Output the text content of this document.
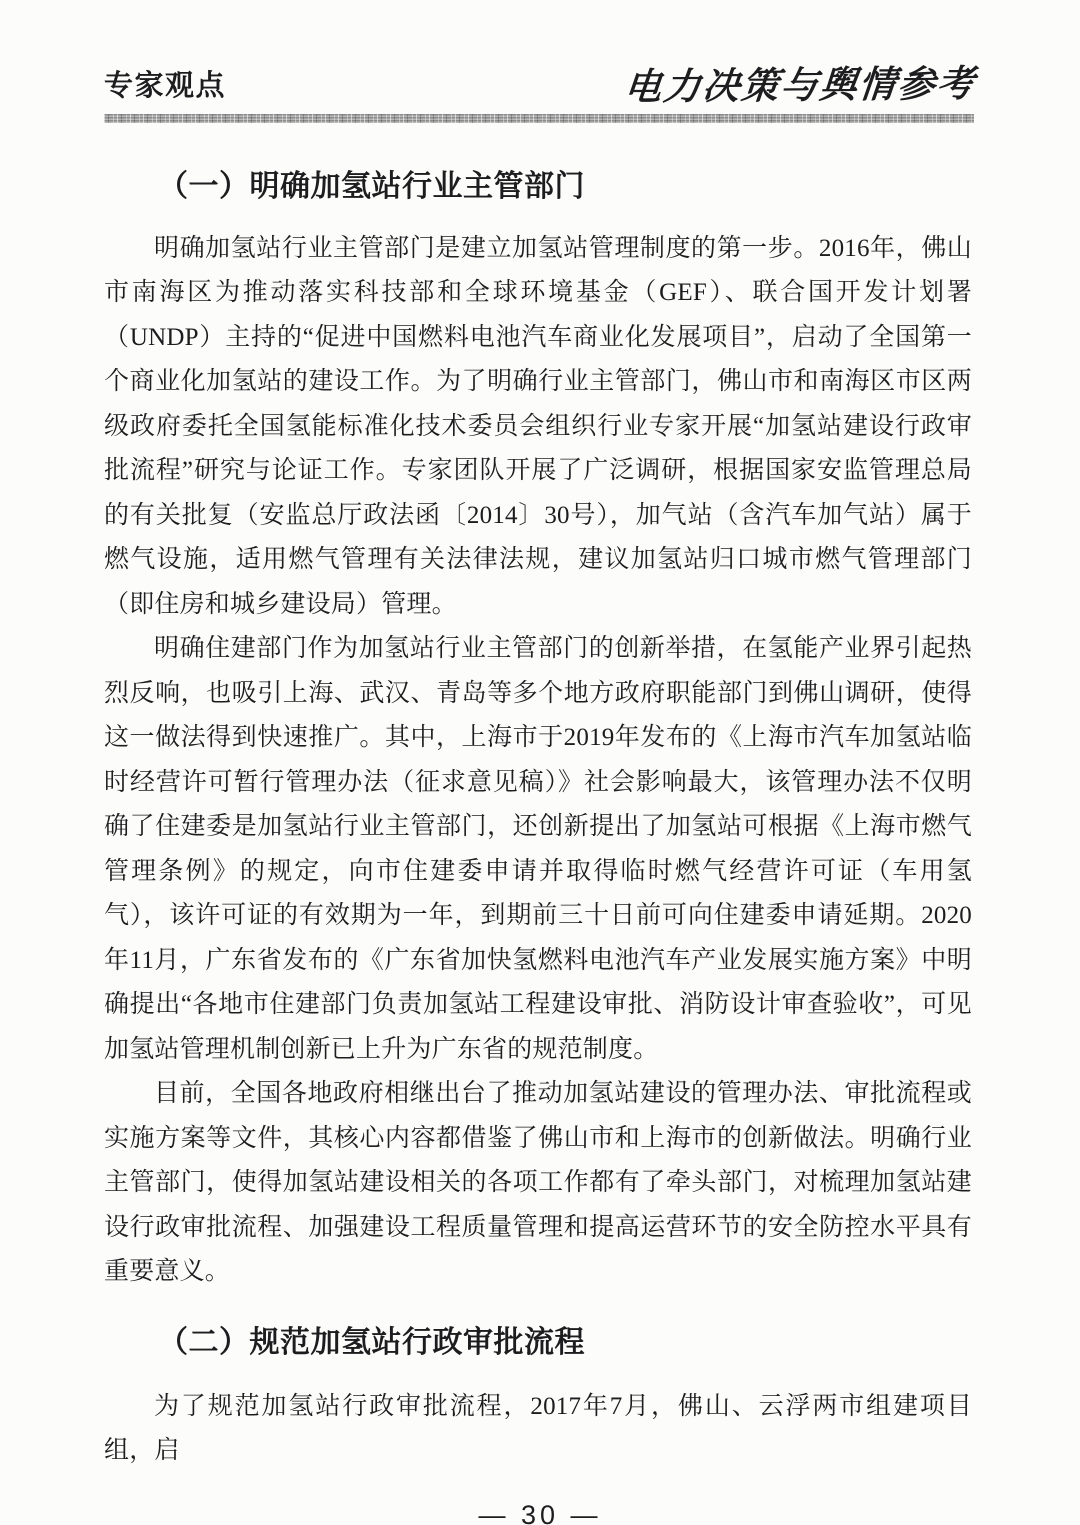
专家观点	电力决策与舆情参考
（一）明确加氢站行业主管部门

明确加氢站行业主管部门是建立加氢站管理制度的第一步。2016年，佛山市南海区为推动落实科技部和全球环境基金（GEF）、联合国开发计划署（UNDP）主持的“促进中国燃料电池汽车商业化发展项目”，启动了全国第一个商业化加氢站的建设工作。为了明确行业主管部门，佛山市和南海区市区两级政府委托全国氢能标准化技术委员会组织行业专家开展“加氢站建设行政审批流程”研究与论证工作。专家团队开展了广泛调研，根据国家安监管理总局的有关批复（安监总厅政法函〔2014〕30号），加气站（含汽车加气站）属于燃气设施，适用燃气管理有关法律法规，建议加氢站归口城市燃气管理部门（即住房和城乡建设局）管理。

明确住建部门作为加氢站行业主管部门的创新举措，在氢能产业界引起热烈反响，也吸引上海、武汉、青岛等多个地方政府职能部门到佛山调研，使得这一做法得到快速推广。其中，上海市于2019年发布的《上海市汽车加氢站临时经营许可暂行管理办法（征求意见稿）》社会影响最大，该管理办法不仅明确了住建委是加氢站行业主管部门，还创新提出了加氢站可根据《上海市燃气管理条例》的规定，向市住建委申请并取得临时燃气经营许可证（车用氢气），该许可证的有效期为一年，到期前三十日前可向住建委申请延期。2020年11月，广东省发布的《广东省加快氢燃料电池汽车产业发展实施方案》中明确提出“各地市住建部门负责加氢站工程建设审批、消防设计审查验收”，可见加氢站管理机制创新已上升为广东省的规范制度。

目前，全国各地政府相继出台了推动加氢站建设的管理办法、审批流程或实施方案等文件，其核心内容都借鉴了佛山市和上海市的创新做法。明确行业主管部门，使得加氢站建设相关的各项工作都有了牵头部门，对梳理加氢站建设行政审批流程、加强建设工程质量管理和提高运营环节的安全防控水平具有重要意义。

（二）规范加氢站行政审批流程

为了规范加氢站行政审批流程，2017年7月，佛山、云浮两市组建项目组，启

— 30 —
